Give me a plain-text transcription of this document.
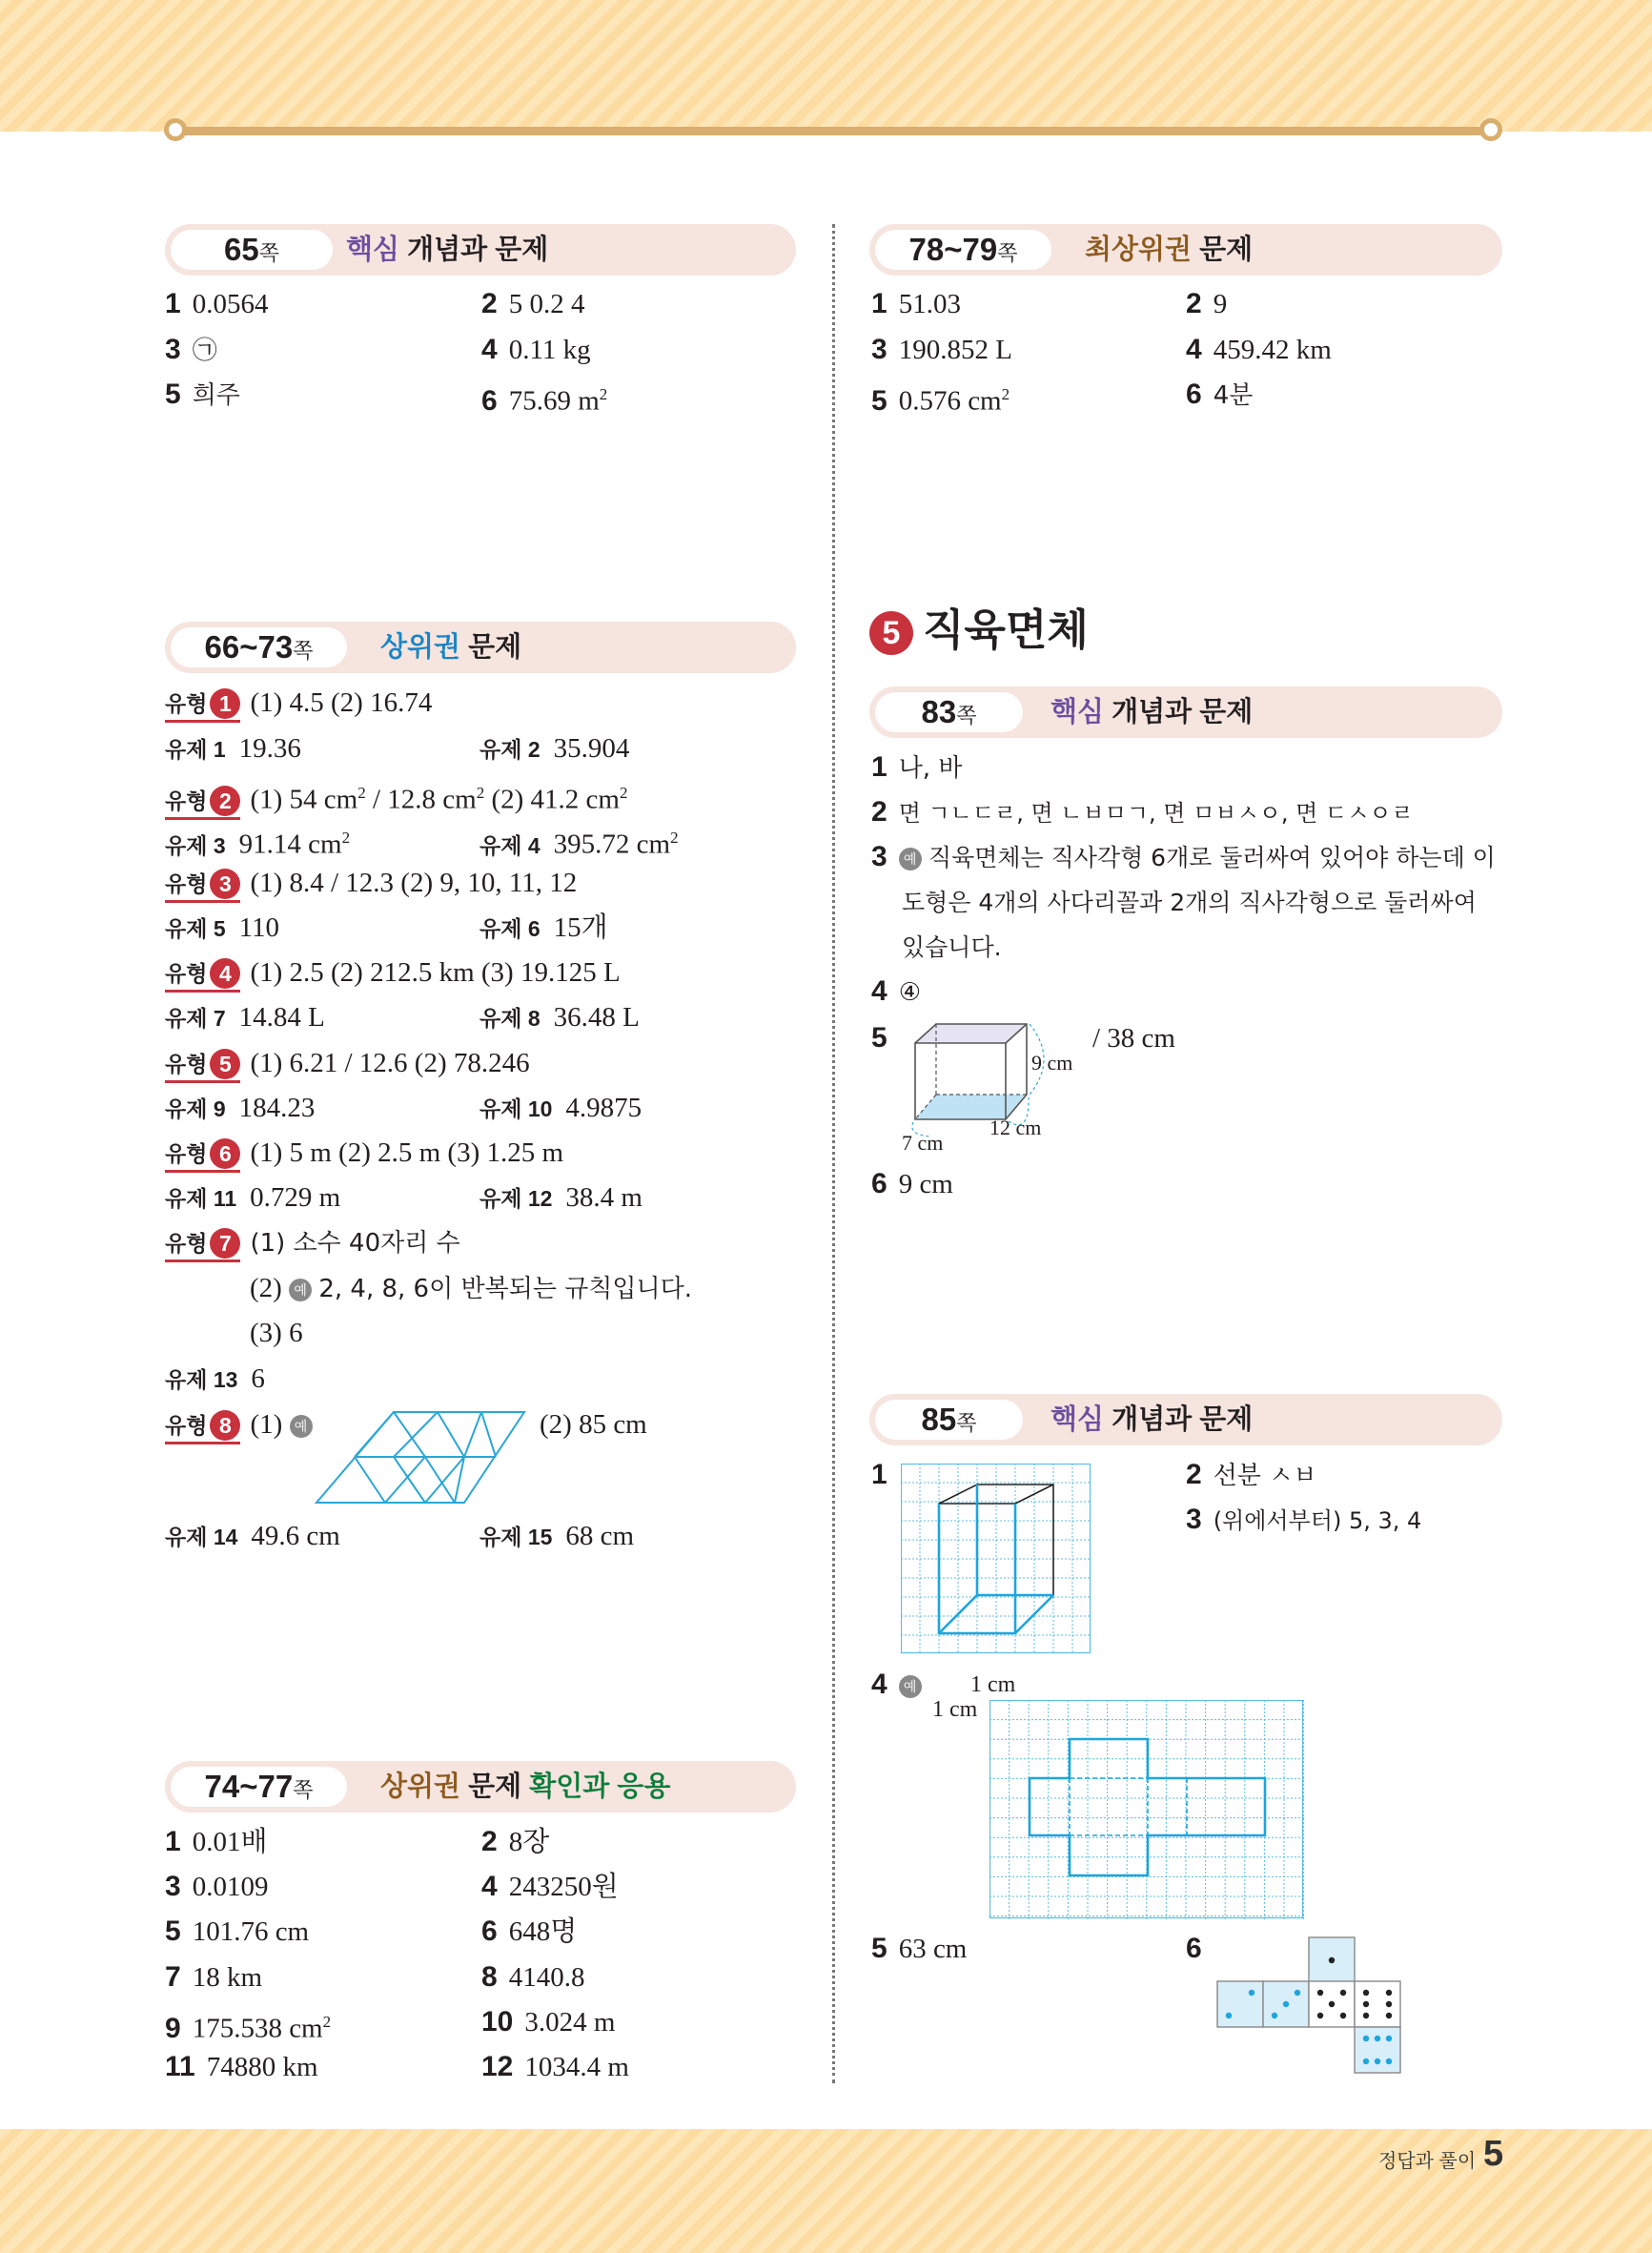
65쪽	핵심 개념과 문제
1 0.0564	2 5 0.2 4
3 ㉠	4 0.11 kg
5 희주	6 75.69 $m^2$
66~73쪽	상위권 문제
유형 1 (1) 4.5 (2) 16.74
유제 1 19.36	유제 2 35.904
유형 2 (1) 54 $cm^2 / 12.8$ $cm^2$ (2) 41.2 $cm^2$
유제 3 91.14 $cm^2$	유제 4 395.72 $cm^2$
유형 3 (1) 8.4 / 12.3 (2) 9, 10, 11, 12
유제 5 110	유제 6 15개
유형 4 (1) 2.5 (2) 212.5 km (3) 19.125 L
유제 7 14.84 L	유제 8 36.48 L
유형 5 (1) 6.21 / 12.6 (2) 78.246
유제 9 184.23	유제 10 4.9875
유형 6 (1) 5 m (2) 2.5 m (3) 1.25 m
유제 11 0.729 m	유제 12 38.4 m
유형 7 (1) 소수 40자리 수
(2) 예 2, 4, 8, 6이 반복되는 규칙입니다.
(3) 6
유제 13 6
유형 8 (1) 예	(2) 85 cm
유제 14 49.6 cm	유제 15 68 cm
74~77쪽	상위권 문제 확인과 응용
1 0.01배	2 8장
3 0.0109	4 243250원
5 101.76 cm	6 648명
7 18 km	8 4140.8
9 175.538 $cm^2$	10 3.024 m
11 74880 km	12 1034.4 m
78~79쪽	최상위권 문제
1 51.03	2 9
3 190.852 L	4 459.42 km
5 0.576 $cm^2$	6 4분
5 직육면체
83쪽	핵심 개념과 문제
1 나, 바
2 면 ㄱㄴㄷㄹ, 면 ㄴㅂㅁㄱ, 면 ㅁㅂㅅㅇ, 면 ㄷㅅㅇㄹ
3 예 직육면체는 직사각형 6개로 둘러싸여 있어야 하는데 이
도형은 4개의 사다리꼴과 2개의 직사각형으로 둘러싸여
있습니다.
4 ④
5
9 cm
12 cm
7 cm
/ 38 cm
6 9 cm
85쪽	핵심 개념과 문제
1	2 선분 ㅅㅂ
3 (위에서부터) 5, 3, 4
4 예 1 cm
1 cm
5 63 cm	6
정답과 풀이 5
